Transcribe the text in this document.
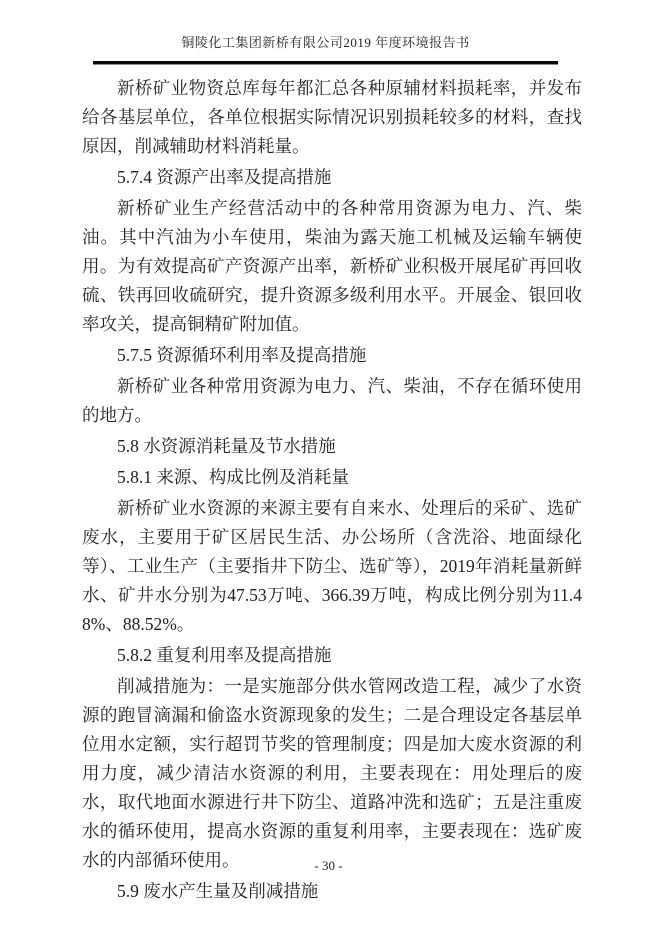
铜陵化工集团新桥有限公司2019 年度环境报告书

新桥矿业物资总库每年都汇总各种原辅材料损耗率，并发布给各基层单位，各单位根据实际情况识别损耗较多的材料，查找原因，削减辅助材料消耗量。

5.7.4 资源产出率及提高措施

新桥矿业生产经营活动中的各种常用资源为电力、汽、柴油。其中汽油为小车使用，柴油为露天施工机械及运输车辆使用。为有效提高矿产资源产出率，新桥矿业积极开展尾矿再回收硫、铁再回收硫研究，提升资源多级利用水平。开展金、银回收率攻关，提高铜精矿附加值。

5.7.5 资源循环利用率及提高措施

新桥矿业各种常用资源为电力、汽、柴油，不存在循环使用的地方。

5.8 水资源消耗量及节水措施

5.8.1 来源、构成比例及消耗量

新桥矿业水资源的来源主要有自来水、处理后的采矿、选矿废水，主要用于矿区居民生活、办公场所（含洗浴、地面绿化等）、工业生产（主要指井下防尘、选矿等），2019年消耗量新鲜水、矿井水分别为47.53万吨、366.39万吨，构成比例分别为11.48%、88.52%。

5.8.2 重复利用率及提高措施

削减措施为：一是实施部分供水管网改造工程，减少了水资源的跑冒滴漏和偷盗水资源现象的发生；二是合理设定各基层单位用水定额，实行超罚节奖的管理制度；四是加大废水资源的利用力度，减少清洁水资源的利用，主要表现在：用处理后的废水，取代地面水源进行井下防尘、道路冲洗和选矿；五是注重废水的循环使用，提高水资源的重复利用率，主要表现在：选矿废水的内部循环使用。

5.9 废水产生量及削减措施

- 30 -
